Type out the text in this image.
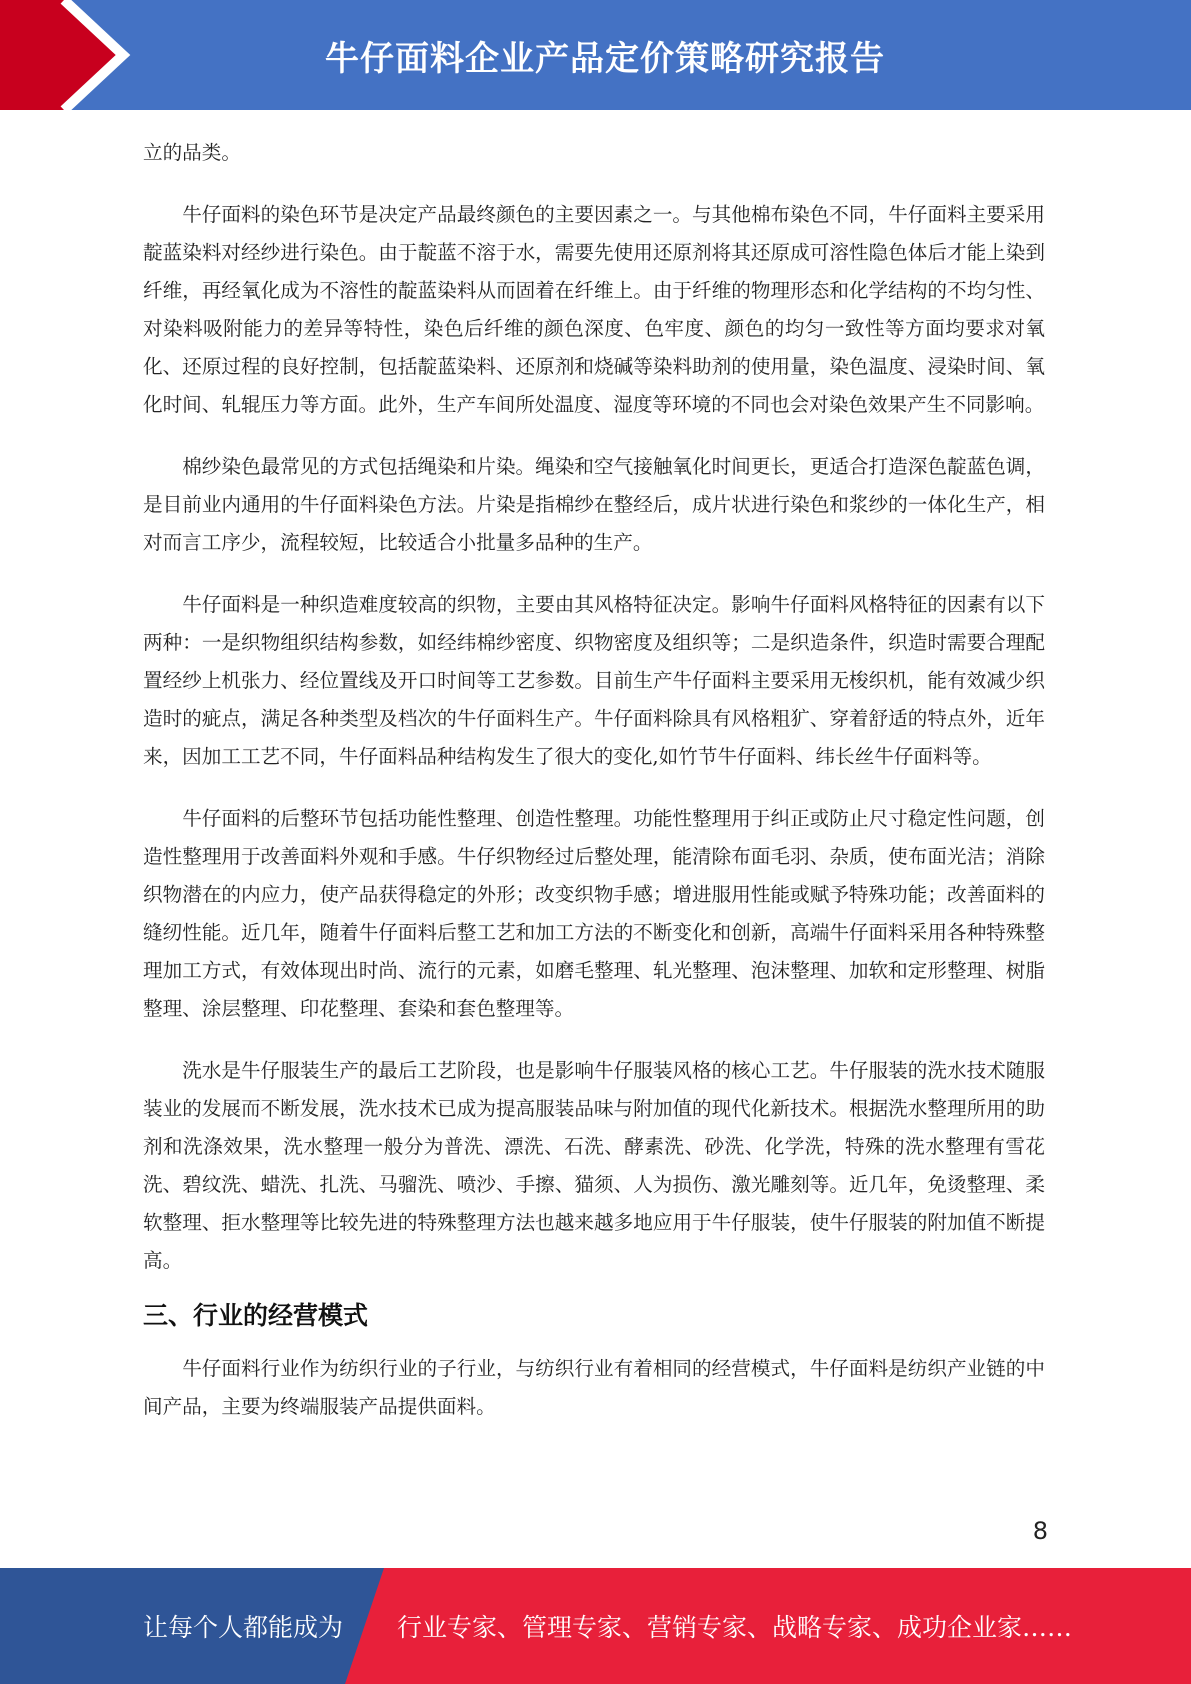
牛仔面料企业产品定价策略研究报告

立的品类。

牛仔面料的染色环节是决定产品最终颜色的主要因素之一。与其他棉布染色不同，牛仔面料主要采用靛蓝染料对经纱进行染色。由于靛蓝不溶于水，需要先使用还原剂将其还原成可溶性隐色体后才能上染到纤维，再经氧化成为不溶性的靛蓝染料从而固着在纤维上。由于纤维的物理形态和化学结构的不均匀性、对染料吸附能力的差异等特性，染色后纤维的颜色深度、色牢度、颜色的均匀一致性等方面均要求对氧化、还原过程的良好控制，包括靛蓝染料、还原剂和烧碱等染料助剂的使用量，染色温度、浸染时间、氧化时间、轧辊压力等方面。此外，生产车间所处温度、湿度等环境的不同也会对染色效果产生不同影响。

棉纱染色最常见的方式包括绳染和片染。绳染和空气接触氧化时间更长，更适合打造深色靛蓝色调，是目前业内通用的牛仔面料染色方法。片染是指棉纱在整经后，成片状进行染色和浆纱的一体化生产，相对而言工序少，流程较短，比较适合小批量多品种的生产。

牛仔面料是一种织造难度较高的织物，主要由其风格特征决定。影响牛仔面料风格特征的因素有以下两种：一是织物组织结构参数，如经纬棉纱密度、织物密度及组织等；二是织造条件，织造时需要合理配置经纱上机张力、经位置线及开口时间等工艺参数。目前生产牛仔面料主要采用无梭织机，能有效减少织造时的疵点，满足各种类型及档次的牛仔面料生产。牛仔面料除具有风格粗犷、穿着舒适的特点外，近年来，因加工工艺不同，牛仔面料品种结构发生了很大的变化,如竹节牛仔面料、纬长丝牛仔面料等。

牛仔面料的后整环节包括功能性整理、创造性整理。功能性整理用于纠正或防止尺寸稳定性问题，创造性整理用于改善面料外观和手感。牛仔织物经过后整处理，能清除布面毛羽、杂质，使布面光洁；消除织物潜在的内应力，使产品获得稳定的外形；改变织物手感；增进服用性能或赋予特殊功能；改善面料的缝纫性能。近几年，随着牛仔面料后整工艺和加工方法的不断变化和创新，高端牛仔面料采用各种特殊整理加工方式，有效体现出时尚、流行的元素，如磨毛整理、轧光整理、泡沫整理、加软和定形整理、树脂整理、涂层整理、印花整理、套染和套色整理等。

洗水是牛仔服装生产的最后工艺阶段，也是影响牛仔服装风格的核心工艺。牛仔服装的洗水技术随服装业的发展而不断发展，洗水技术已成为提高服装品味与附加值的现代化新技术。根据洗水整理所用的助剂和洗涤效果，洗水整理一般分为普洗、漂洗、石洗、酵素洗、砂洗、化学洗，特殊的洗水整理有雪花洗、碧纹洗、蜡洗、扎洗、马骝洗、喷沙、手擦、猫须、人为损伤、激光雕刻等。近几年，免烫整理、柔软整理、拒水整理等比较先进的特殊整理方法也越来越多地应用于牛仔服装，使牛仔服装的附加值不断提高。

三、行业的经营模式

牛仔面料行业作为纺织行业的子行业，与纺织行业有着相同的经营模式，牛仔面料是纺织产业链的中间产品，主要为终端服装产品提供面料。

8
让每个人都能成为 行业专家、管理专家、营销专家、战略专家、成功企业家……
